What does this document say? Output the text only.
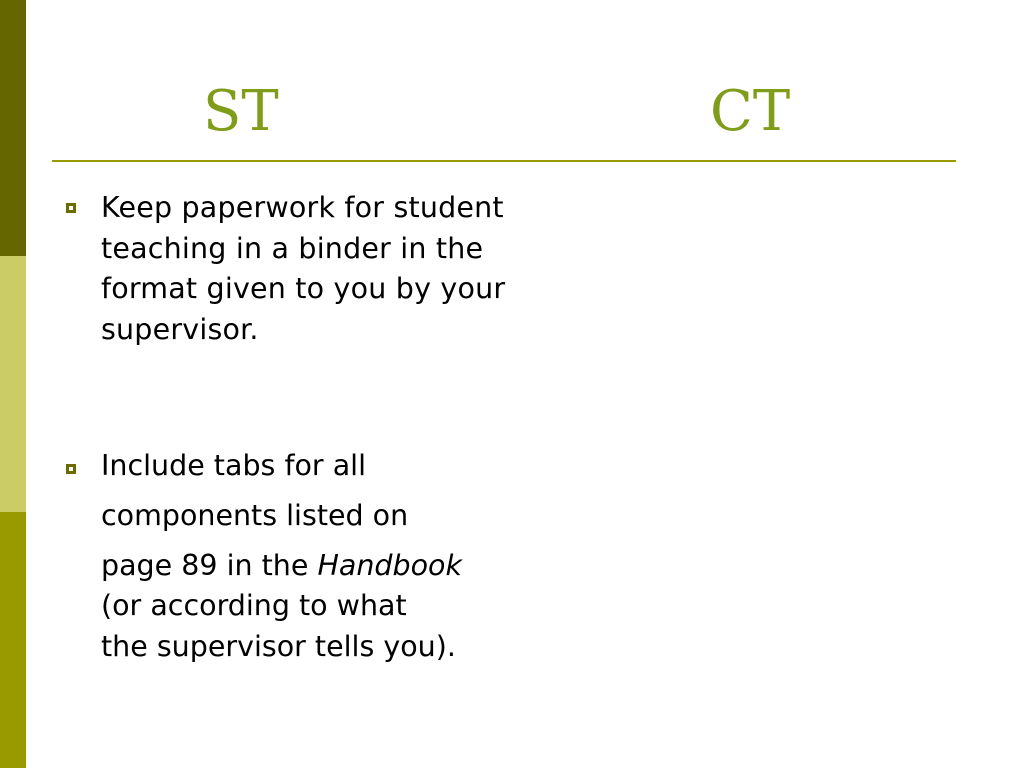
ST	CT
Keep paperwork for student teaching in a binder in the format given to you by your supervisor.
Include tabs for all
components listed on
page 89 in the Handbook
(or according to what
the supervisor tells you).
